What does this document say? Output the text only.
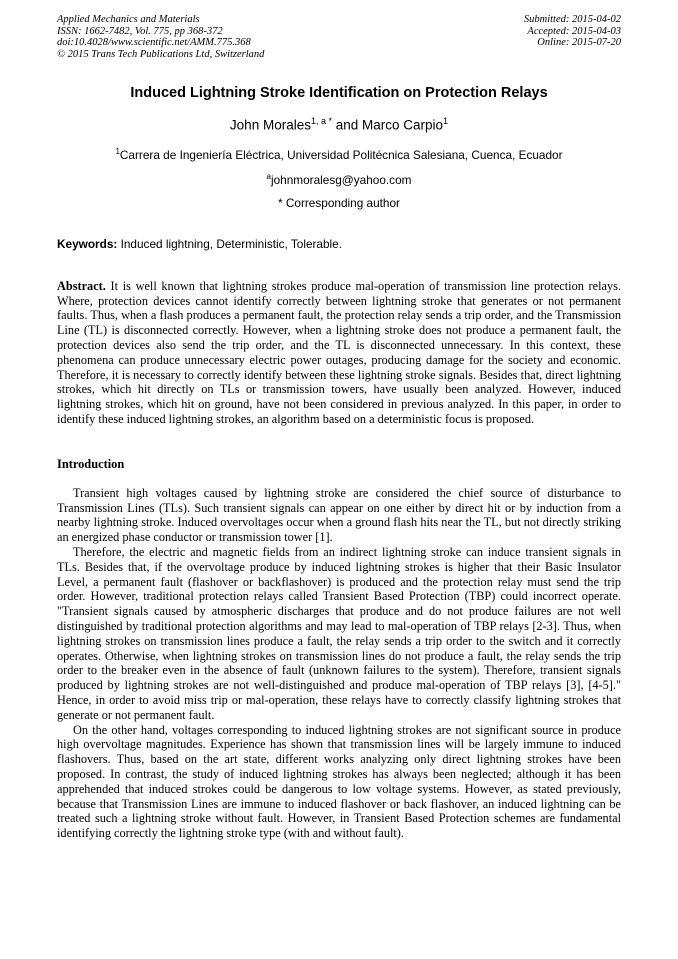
Applied Mechanics and Materials
ISSN: 1662-7482, Vol. 775, pp 368-372
doi:10.4028/www.scientific.net/AMM.775.368
© 2015 Trans Tech Publications Ltd, Switzerland
Submitted: 2015-04-02
Accepted: 2015-04-03
Online: 2015-07-20
Induced Lightning Stroke Identification on Protection Relays
John Morales$^{1, a *}$ and Marco Carpio$^1$
$^1$Carrera de Ingeniería Eléctrica, Universidad Politécnica Salesiana, Cuenca, Ecuador
$^a$johnmoralesg@yahoo.com
* Corresponding author

Keywords: Induced lightning, Deterministic, Tolerable.

Abstract. It is well known that lightning strokes produce mal-operation of transmission line protection relays. Where, protection devices cannot identify correctly between lightning stroke that generates or not permanent faults. Thus, when a flash produces a permanent fault, the protection relay sends a trip order, and the Transmission Line (TL) is disconnected correctly. However, when a lightning stroke does not produce a permanent fault, the protection devices also send the trip order, and the TL is disconnected unnecessary. In this context, these phenomena can produce unnecessary electric power outages, producing damage for the society and economic. Therefore, it is necessary to correctly identify between these lightning stroke signals. Besides that, direct lightning strokes, which hit directly on TLs or transmission towers, have usually been analyzed. However, induced lightning strokes, which hit on ground, have not been considered in previous analyzed. In this paper, in order to identify these induced lightning strokes, an algorithm based on a deterministic focus is proposed.

Introduction

Transient high voltages caused by lightning stroke are considered the chief source of disturbance to Transmission Lines (TLs). Such transient signals can appear on one either by direct hit or by induction from a nearby lightning stroke. Induced overvoltages occur when a ground flash hits near the TL, but not directly striking an energized phase conductor or transmission tower [1].

Therefore, the electric and magnetic fields from an indirect lightning stroke can induce transient signals in TLs. Besides that, if the overvoltage produce by induced lightning strokes is higher that their Basic Insulator Level, a permanent fault (flashover or backflashover) is produced and the protection relay must send the trip order. However, traditional protection relays called Transient Based Protection (TBP) could incorrect operate. "Transient signals caused by atmospheric discharges that produce and do not produce failures are not well distinguished by traditional protection algorithms and may lead to mal-operation of TBP relays [2-3]. Thus, when lightning strokes on transmission lines produce a fault, the relay sends a trip order to the switch and it correctly operates. Otherwise, when lightning strokes on transmission lines do not produce a fault, the relay sends the trip order to the breaker even in the absence of fault (unknown failures to the system). Therefore, transient signals produced by lightning strokes are not well-distinguished and produce mal-operation of TBP relays [3], [4-5]." Hence, in order to avoid miss trip or mal-operation, these relays have to correctly classify lightning strokes that generate or not permanent fault.

On the other hand, voltages corresponding to induced lightning strokes are not significant source in produce high overvoltage magnitudes. Experience has shown that transmission lines will be largely immune to induced flashovers. Thus, based on the art state, different works analyzing only direct lightning strokes have been proposed. In contrast, the study of induced lightning strokes has always been neglected; although it has been apprehended that induced strokes could be dangerous to low voltage systems. However, as stated previously, because that Transmission Lines are immune to induced flashover or back flashover, an induced lightning can be treated such a lightning stroke without fault. However, in Transient Based Protection schemes are fundamental identifying correctly the lightning stroke type (with and without fault).
